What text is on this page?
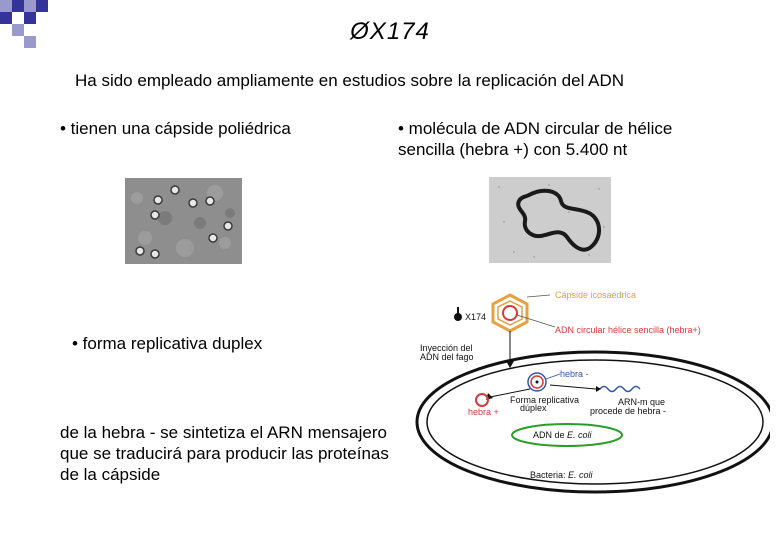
ØX174
Ha sido empleado ampliamente en estudios sobre la replicación del ADN
• tienen una cápside poliédrica	• molécula de ADN circular de hélice
sencilla (hebra +) con 5.400 nt
• forma replicativa duplex
de la hebra - se sintetiza el ARN mensajero
que se traducirá para producir las proteínas
de la cápside
X174
Cápside icosaédrica
ADN circular hélice sencilla (hebra+)
Inyección del
ADN del fago
hebra -
Forma replicativa
dúplex
hebra +
ARN-m que
procede de hebra -
ADN de E. coli
Bacteria: E. coli
